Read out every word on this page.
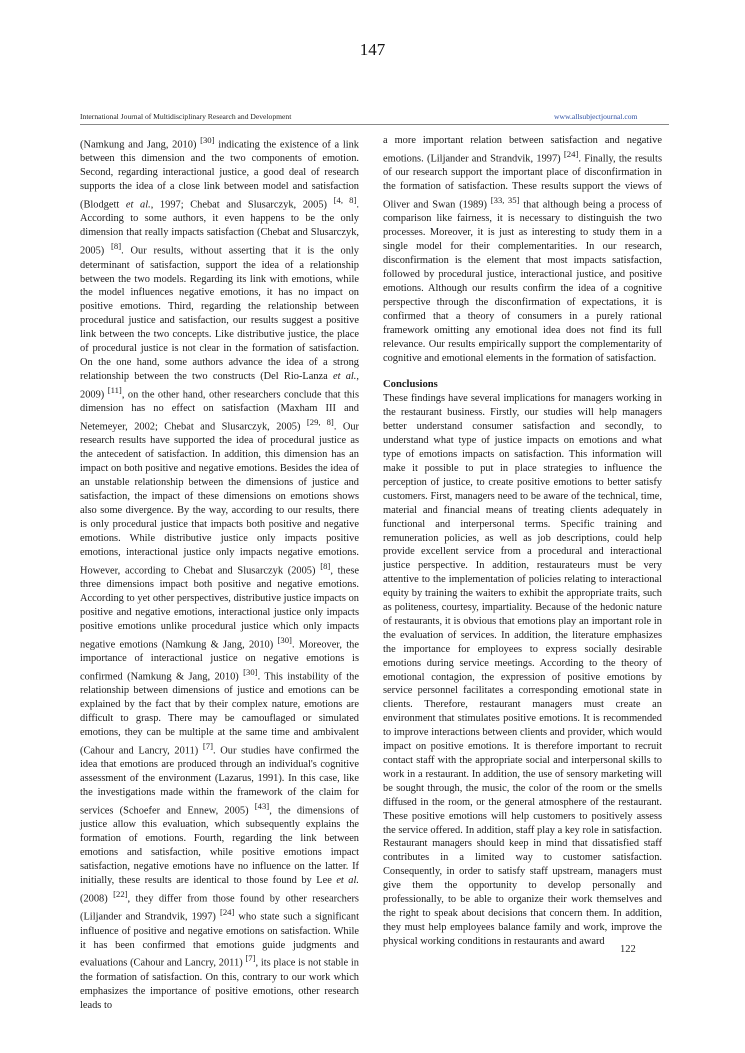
147
International Journal of Multidisciplinary Research and Development	www.allsubjectjournal.com

(Namkung and Jang, 2010) [30] indicating the existence of a link between this dimension and the two components of emotion. Second, regarding interactional justice, a good deal of research supports the idea of a close link between model and satisfaction (Blodgett et al., 1997; Chebat and Slusarczyk, 2005) [4, 8]. According to some authors, it even happens to be the only dimension that really impacts satisfaction (Chebat and Slusarczyk, 2005) [8]. Our results, without asserting that it is the only determinant of satisfaction, support the idea of a relationship between the two models. Regarding its link with emotions, while the model influences negative emotions, it has no impact on positive emotions. Third, regarding the relationship between procedural justice and satisfaction, our results suggest a positive link between the two concepts. Like distributive justice, the place of procedural justice is not clear in the formation of satisfaction. On the one hand, some authors advance the idea of a strong relationship between the two constructs (Del Rio-Lanza et al., 2009) [11], on the other hand, other researchers conclude that this dimension has no effect on satisfaction (Maxham III and Netemeyer, 2002; Chebat and Slusarczyk, 2005) [29, 8]. Our research results have supported the idea of procedural justice as the antecedent of satisfaction. In addition, this dimension has an impact on both positive and negative emotions. Besides the idea of an unstable relationship between the dimensions of justice and satisfaction, the impact of these dimensions on emotions shows also some divergence. By the way, according to our results, there is only procedural justice that impacts both positive and negative emotions. While distributive justice only impacts positive emotions, interactional justice only impacts negative emotions. However, according to Chebat and Slusarczyk (2005) [8], these three dimensions impact both positive and negative emotions. According to yet other perspectives, distributive justice impacts on positive and negative emotions, interactional justice only impacts positive emotions unlike procedural justice which only impacts negative emotions (Namkung & Jang, 2010) [30]. Moreover, the importance of interactional justice on negative emotions is confirmed (Namkung & Jang, 2010) [30]. This instability of the relationship between dimensions of justice and emotions can be explained by the fact that by their complex nature, emotions are difficult to grasp. There may be camouflaged or simulated emotions, they can be multiple at the same time and ambivalent (Cahour and Lancry, 2011) [7]. Our studies have confirmed the idea that emotions are produced through an individual's cognitive assessment of the environment (Lazarus, 1991). In this case, like the investigations made within the framework of the claim for services (Schoefer and Ennew, 2005) [43], the dimensions of justice allow this evaluation, which subsequently explains the formation of emotions. Fourth, regarding the link between emotions and satisfaction, while positive emotions impact satisfaction, negative emotions have no influence on the latter. If initially, these results are identical to those found by Lee et al. (2008) [22], they differ from those found by other researchers (Liljander and Strandvik, 1997) [24] who state such a significant influence of positive and negative emotions on satisfaction. While it has been confirmed that emotions guide judgments and evaluations (Cahour and Lancry, 2011) [7], its place is not stable in the formation of satisfaction. On this, contrary to our work which emphasizes the importance of positive emotions, other research leads to

a more important relation between satisfaction and negative emotions. (Liljander and Strandvik, 1997) [24]. Finally, the results of our research support the important place of disconfirmation in the formation of satisfaction. These results support the views of Oliver and Swan (1989) [33, 35] that although being a process of comparison like fairness, it is necessary to distinguish the two processes. Moreover, it is just as interesting to study them in a single model for their complementarities. In our research, disconfirmation is the element that most impacts satisfaction, followed by procedural justice, interactional justice, and positive emotions. Although our results confirm the idea of a cognitive perspective through the disconfirmation of expectations, it is confirmed that a theory of consumers in a purely rational framework omitting any emotional idea does not find its full relevance. Our results empirically support the complementarity of cognitive and emotional elements in the formation of satisfaction.

Conclusions

These findings have several implications for managers working in the restaurant business. Firstly, our studies will help managers better understand consumer satisfaction and secondly, to understand what type of justice impacts on emotions and what type of emotions impacts on satisfaction. This information will make it possible to put in place strategies to influence the perception of justice, to create positive emotions to better satisfy customers. First, managers need to be aware of the technical, time, material and financial means of treating clients adequately in functional and interpersonal terms. Specific training and remuneration policies, as well as job descriptions, could help provide excellent service from a procedural and interactional justice perspective. In addition, restaurateurs must be very attentive to the implementation of policies relating to interactional equity by training the waiters to exhibit the appropriate traits, such as politeness, courtesy, impartiality. Because of the hedonic nature of restaurants, it is obvious that emotions play an important role in the evaluation of services. In addition, the literature emphasizes the importance for employees to express socially desirable emotions during service meetings. According to the theory of emotional contagion, the expression of positive emotions by service personnel facilitates a corresponding emotional state in clients. Therefore, restaurant managers must create an environment that stimulates positive emotions. It is recommended to improve interactions between clients and provider, which would impact on positive emotions. It is therefore important to recruit contact staff with the appropriate social and interpersonal skills to work in a restaurant. In addition, the use of sensory marketing will be sought through, the music, the color of the room or the smells diffused in the room, or the general atmosphere of the restaurant. These positive emotions will help customers to positively assess the service offered. In addition, staff play a key role in satisfaction. Restaurant managers should keep in mind that dissatisfied staff contributes in a limited way to customer satisfaction. Consequently, in order to satisfy staff upstream, managers must give them the opportunity to develop personally and professionally, to be able to organize their work themselves and the right to speak about decisions that concern them. In addition, they must help employees balance family and work, improve the physical working conditions in restaurants and award

122
